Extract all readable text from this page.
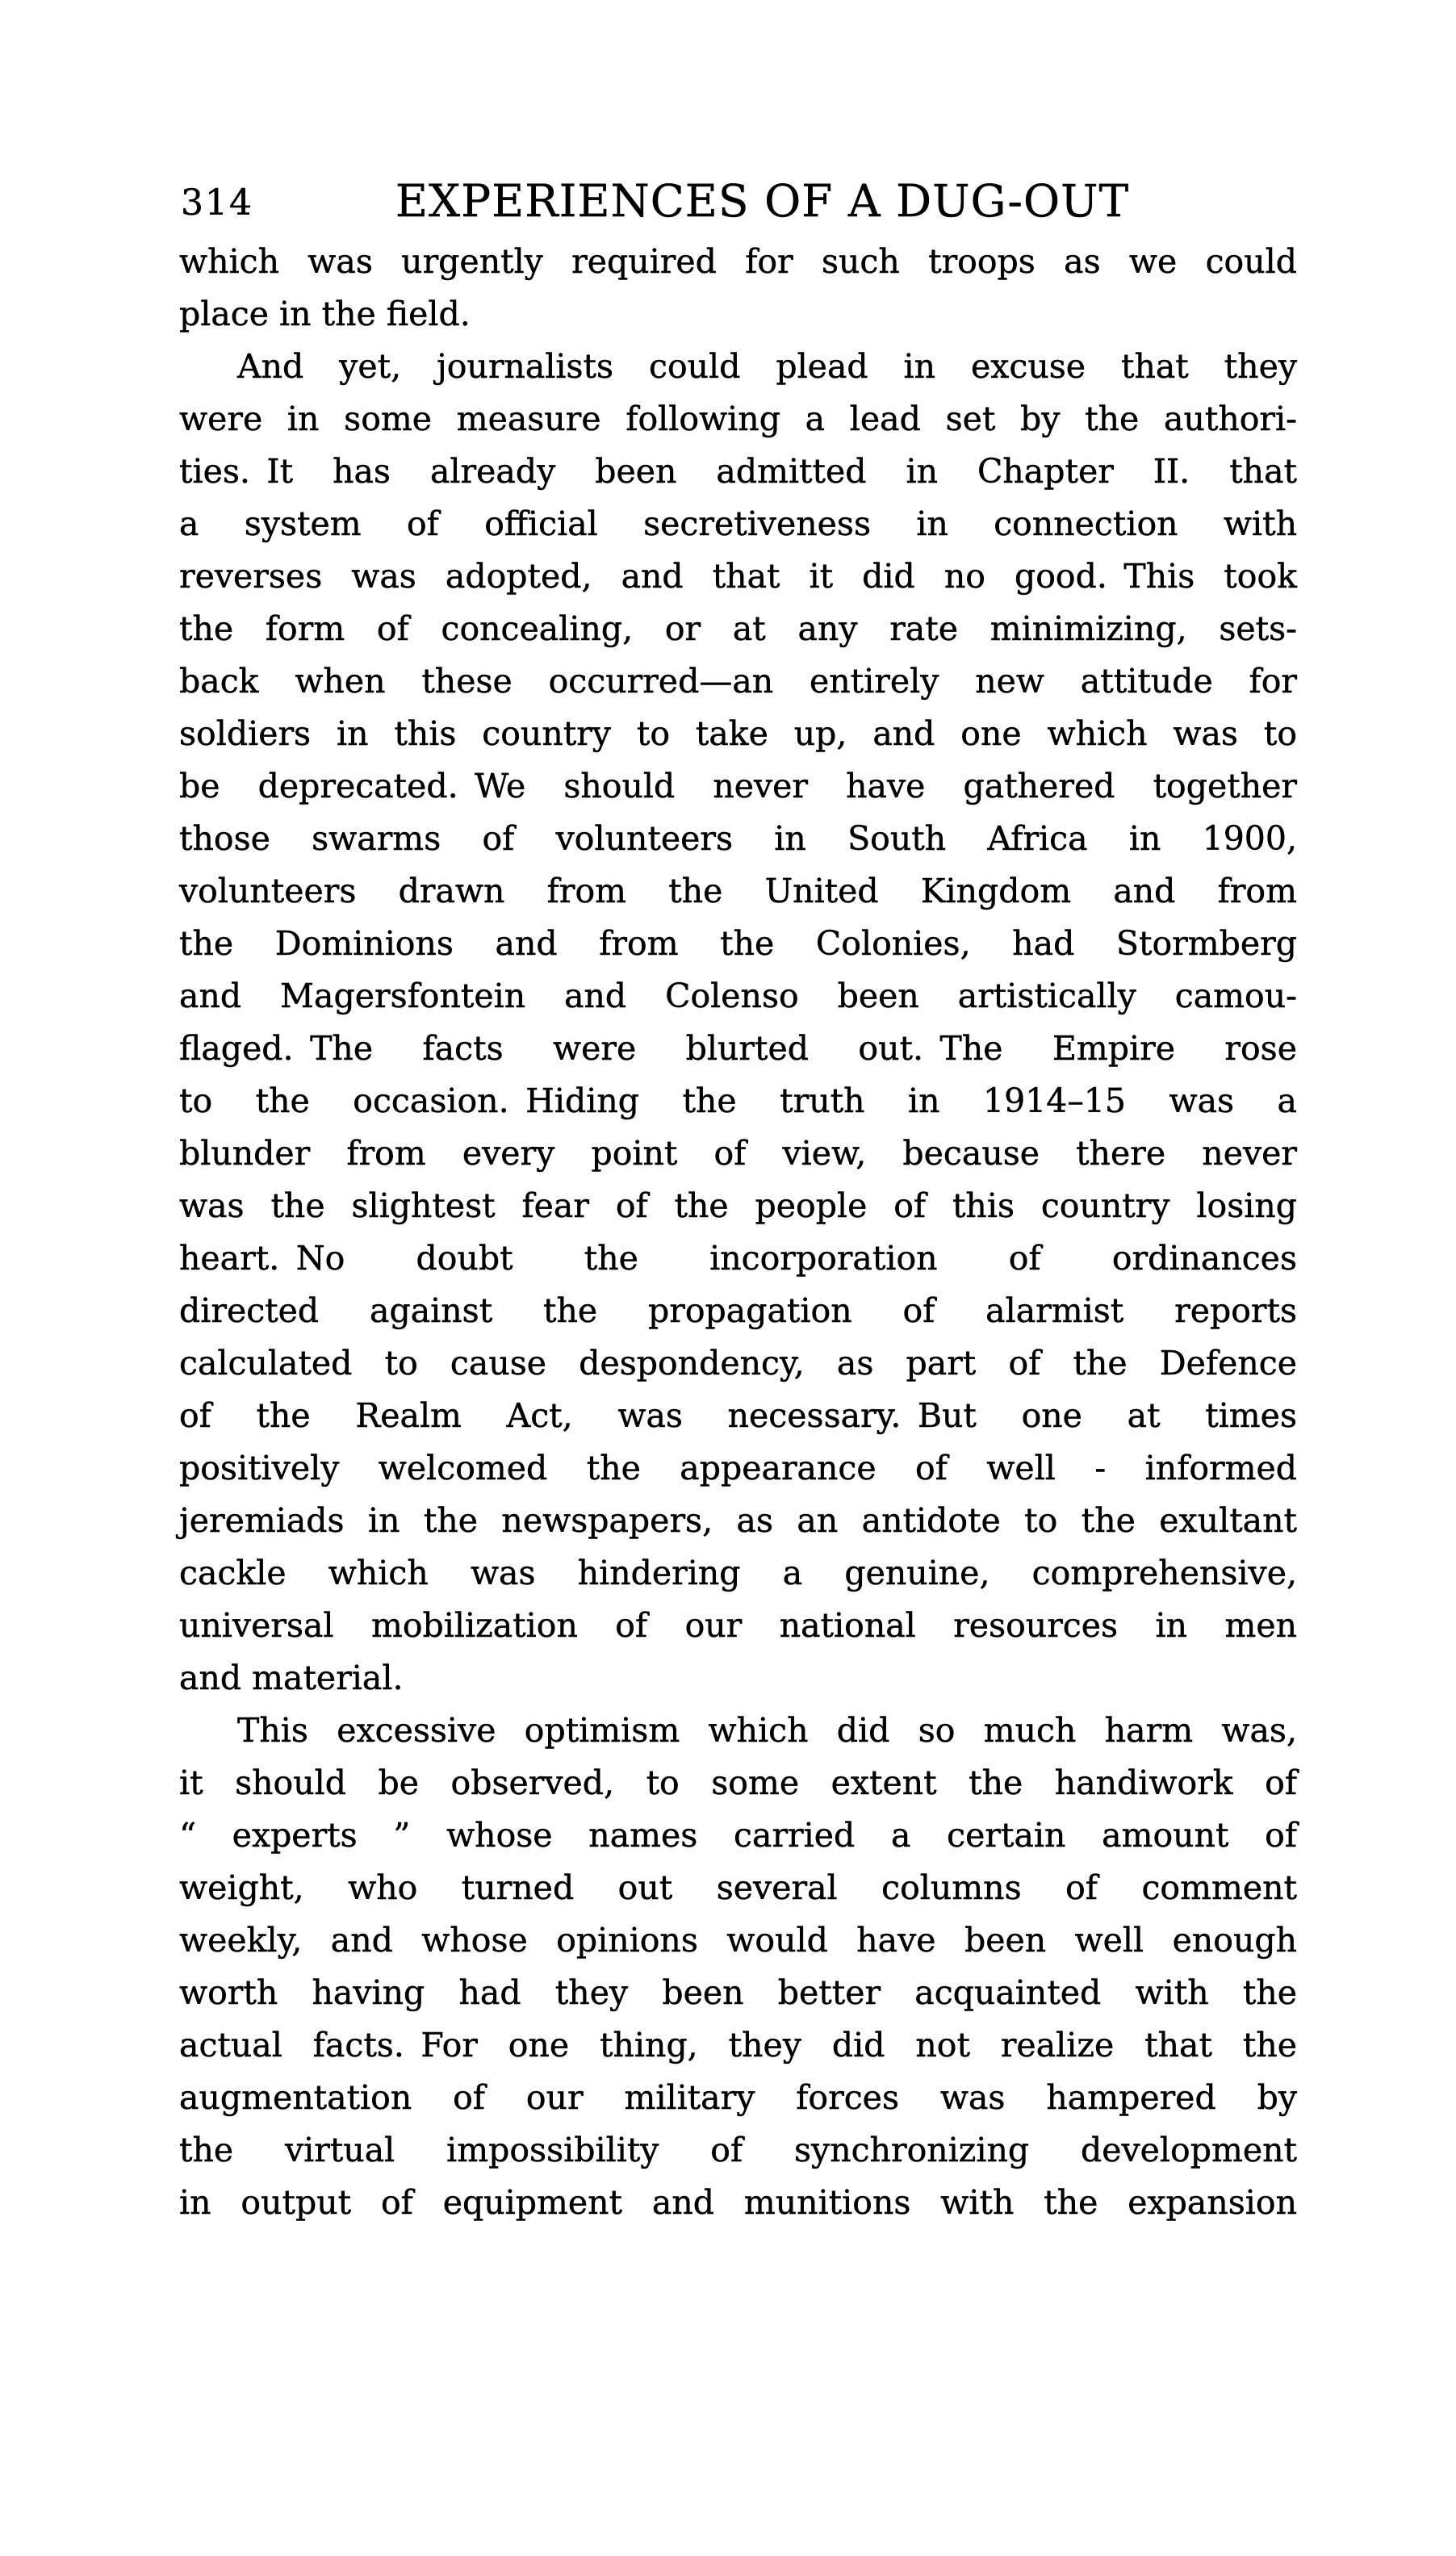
314	EXPERIENCES OF A DUG-OUT
which was urgently required for such troops as we could
place in the field.
And yet, journalists could plead in excuse that they
were in some measure following a lead set by the authori-
ties. It has already been admitted in Chapter II. that
a system of official secretiveness in connection with
reverses was adopted, and that it did no good. This took
the form of concealing, or at any rate minimizing, sets-
back when these occurred—an entirely new attitude for
soldiers in this country to take up, and one which was to
be deprecated. We should never have gathered together
those swarms of volunteers in South Africa in 1900,
volunteers drawn from the United Kingdom and from
the Dominions and from the Colonies, had Stormberg
and Magersfontein and Colenso been artistically camou-
flaged. The facts were blurted out. The Empire rose
to the occasion. Hiding the truth in 1914–15 was a
blunder from every point of view, because there never
was the slightest fear of the people of this country losing
heart. No doubt the incorporation of ordinances
directed against the propagation of alarmist reports
calculated to cause despondency, as part of the Defence
of the Realm Act, was necessary. But one at times
positively welcomed the appearance of well - informed
jeremiads in the newspapers, as an antidote to the exultant
cackle which was hindering a genuine, comprehensive,
universal mobilization of our national resources in men
and material.
This excessive optimism which did so much harm was,
it should be observed, to some extent the handiwork of
“ experts ” whose names carried a certain amount of
weight, who turned out several columns of comment
weekly, and whose opinions would have been well enough
worth having had they been better acquainted with the
actual facts. For one thing, they did not realize that the
augmentation of our military forces was hampered by
the virtual impossibility of synchronizing development
in output of equipment and munitions with the expansion
